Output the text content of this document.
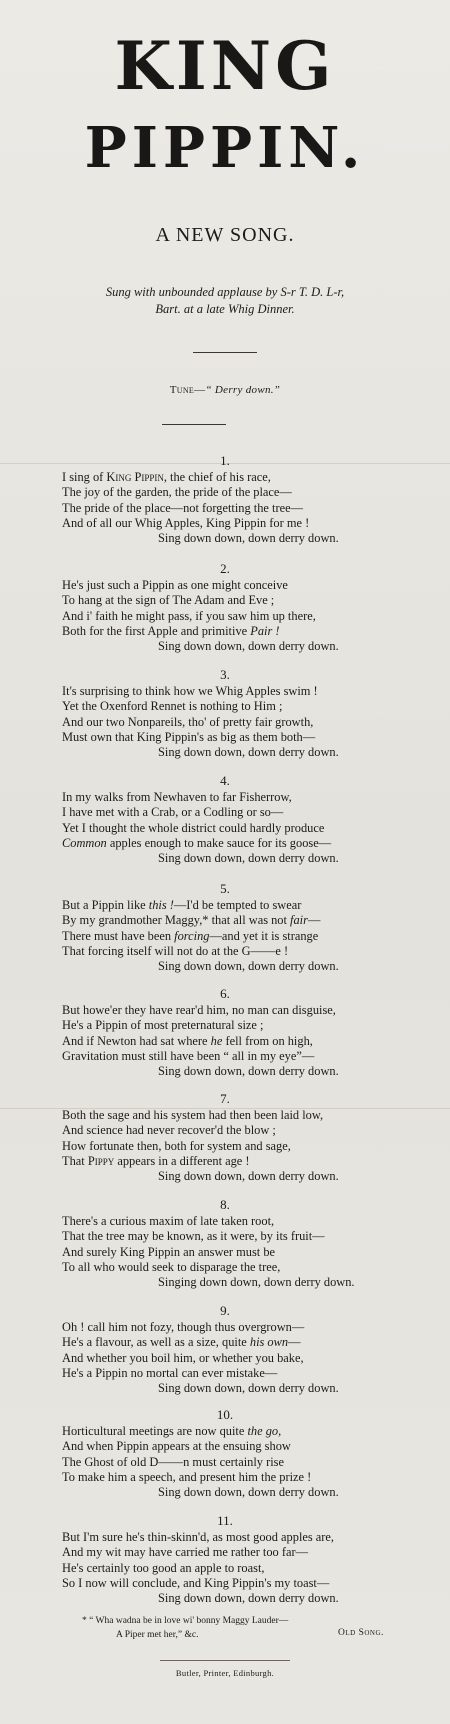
KING
PIPPIN.

A NEW SONG.

Sung with unbounded applause by S-r T. D. L-r,
Bart. at a late Whig Dinner.
Tune—“ Derry down.”
1.
I sing of King Pippin, the chief of his race,
The joy of the garden, the pride of the place—
The pride of the place—not forgetting the tree—
And of all our Whig Apples, King Pippin for me !
Sing down down, down derry down.
2.
He's just such a Pippin as one might conceive
To hang at the sign of The Adam and Eve ;
And i' faith he might pass, if you saw him up there,
Both for the first Apple and primitive Pair !
Sing down down, down derry down.
3.
It's surprising to think how we Whig Apples swim !
Yet the Oxenford Rennet is nothing to Him ;
And our two Nonpareils, tho' of pretty fair growth,
Must own that King Pippin's as big as them both—
Sing down down, down derry down.
4.
In my walks from Newhaven to far Fisherrow,
I have met with a Crab, or a Codling or so—
Yet I thought the whole district could hardly produce
Common apples enough to make sauce for its goose—
Sing down down, down derry down.
5.
But a Pippin like this !—I'd be tempted to swear
By my grandmother Maggy,* that all was not fair—
There must have been forcing—and yet it is strange
That forcing itself will not do at the G——e !
Sing down down, down derry down.
6.
But howe'er they have rear'd him, no man can disguise,
He's a Pippin of most preternatural size ;
And if Newton had sat where he fell from on high,
Gravitation must still have been “ all in my eye”—
Sing down down, down derry down.
7.
Both the sage and his system had then been laid low,
And science had never recover'd the blow ;
How fortunate then, both for system and sage,
That Pippy appears in a different age !
Sing down down, down derry down.
8.
There's a curious maxim of late taken root,
That the tree may be known, as it were, by its fruit—
And surely King Pippin an answer must be
To all who would seek to disparage the tree,
Singing down down, down derry down.
9.
Oh ! call him not fozy, though thus overgrown—
He's a flavour, as well as a size, quite his own—
And whether you boil him, or whether you bake,
He's a Pippin no mortal can ever mistake—
Sing down down, down derry down.
10.
Horticultural meetings are now quite the go,
And when Pippin appears at the ensuing show
The Ghost of old D——n must certainly rise
To make him a speech, and present him the prize !
Sing down down, down derry down.
11.
But I'm sure he's thin-skinn'd, as most good apples are,
And my wit may have carried me rather too far—
He's certainly too good an apple to roast,
So I now will conclude, and King Pippin's my toast—
Sing down down, down derry down.
* “ Wha wadna be in love wi' bonny Maggy Lauder—
A Piper met her,” &c.	Old Song.
Butler, Printer, Edinburgh.
